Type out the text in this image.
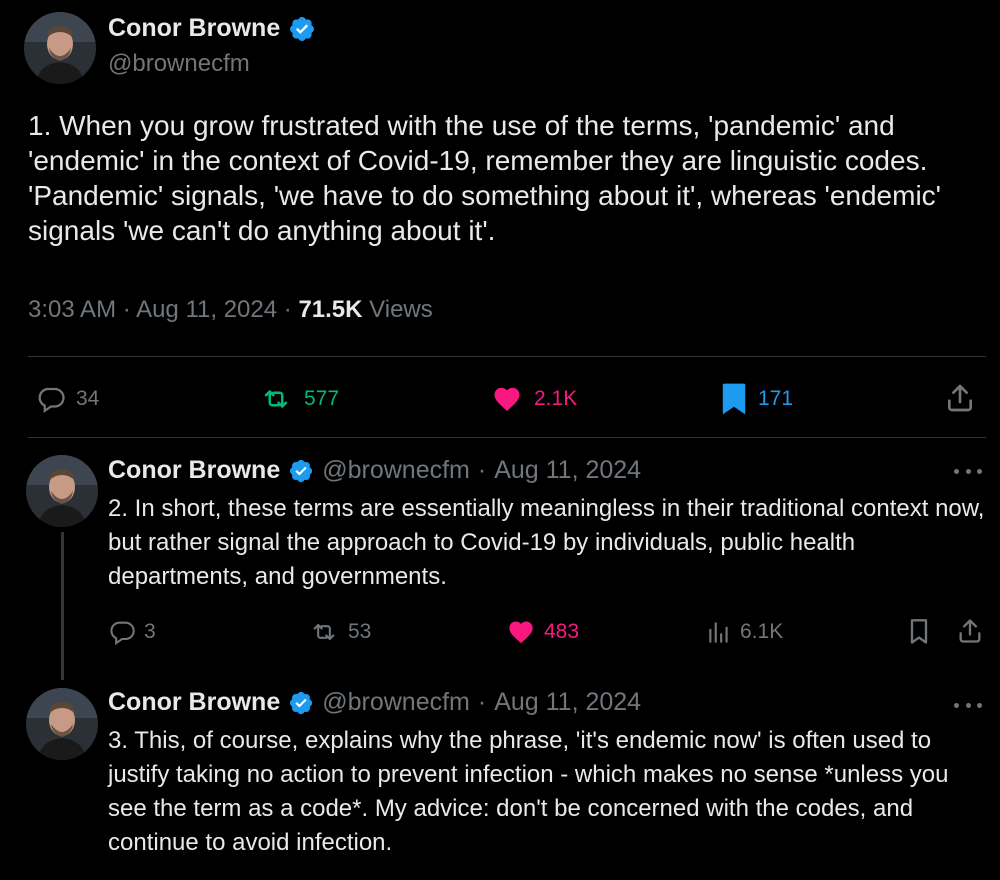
Conor Browne
@brownecfm
1. When you grow frustrated with the use of the terms, 'pandemic' and 'endemic' in the context of Covid-19, remember they are linguistic codes. 'Pandemic' signals, 'we have to do something about it', whereas 'endemic' signals 'we can't do anything about it'.
3:03 AM · Aug 11, 2024 · 71.5K Views
34	577	2.1K	171
Conor Browne @brownecfm · Aug 11, 2024
2. In short, these terms are essentially meaningless in their traditional context now, but rather signal the approach to Covid-19 by individuals, public health departments, and governments.
3	53	483	6.1K
Conor Browne @brownecfm · Aug 11, 2024
3. This, of course, explains why the phrase, 'it's endemic now' is often used to justify taking no action to prevent infection - which makes no sense *unless you see the term as a code*. My advice: don't be concerned with the codes, and continue to avoid infection.
